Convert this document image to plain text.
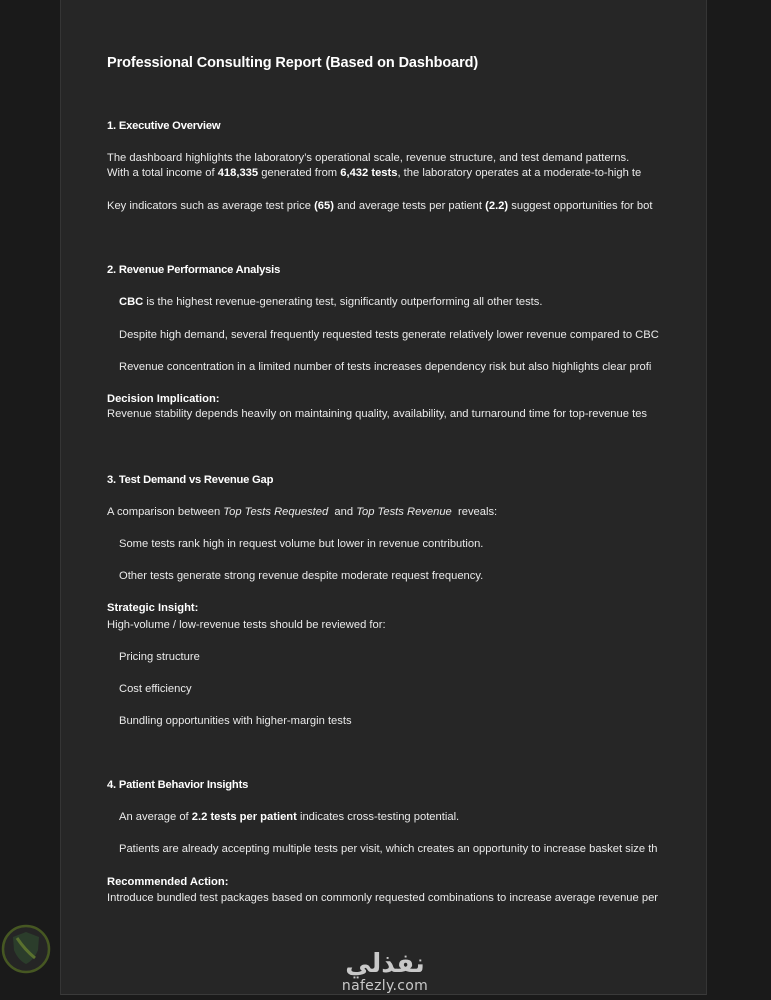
Professional Consulting Report (Based on Dashboard)
1. Executive Overview
The dashboard highlights the laboratory’s operational scale, revenue structure, and test demand patterns.
With a total income of 418,335 generated from 6,432 tests, the laboratory operates at a moderate-to-high te
Key indicators such as average test price (65) and average tests per patient (2.2) suggest opportunities for bot
2. Revenue Performance Analysis
CBC is the highest revenue-generating test, significantly outperforming all other tests.
Despite high demand, several frequently requested tests generate relatively lower revenue compared to CBC
Revenue concentration in a limited number of tests increases dependency risk but also highlights clear profi
Decision Implication:
Revenue stability depends heavily on maintaining quality, availability, and turnaround time for top-revenue tes
3. Test Demand vs Revenue Gap
A comparison between Top Tests Requested  and Top Tests Revenue  reveals:
Some tests rank high in request volume but lower in revenue contribution.
Other tests generate strong revenue despite moderate request frequency.
Strategic Insight:
High-volume / low-revenue tests should be reviewed for:
Pricing structure
Cost efficiency
Bundling opportunities with higher-margin tests
4. Patient Behavior Insights
An average of 2.2 tests per patient indicates cross-testing potential.
Patients are already accepting multiple tests per visit, which creates an opportunity to increase basket size th
Recommended Action:
Introduce bundled test packages based on commonly requested combinations to increase average revenue per
نفذلي
nafezly.com
